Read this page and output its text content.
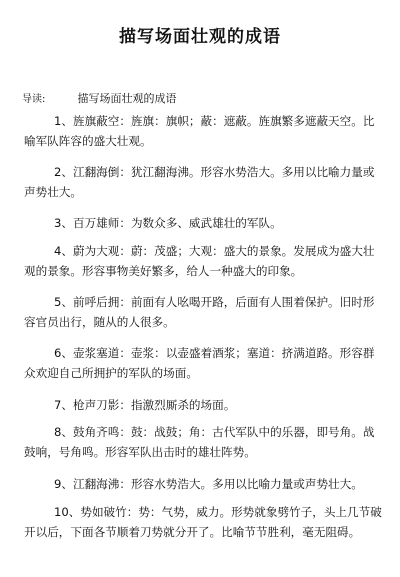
描写场面壮观的成语
导读:	描写场面壮观的成语
1、旌旗蔽空：旌旗：旗帜；蔽：遮蔽。旌旗繁多遮蔽天空。比喻军队阵容的盛大壮观。
2、江翻海倒：犹江翻海沸。形容水势浩大。多用以比喻力量或声势壮大。
3、百万雄师：为数众多、威武雄壮的军队。
4、蔚为大观：蔚：茂盛；大观：盛大的景象。发展成为盛大壮观的景象。形容事物美好繁多，给人一种盛大的印象。
5、前呼后拥：前面有人吆喝开路，后面有人围着保护。旧时形容官员出行，随从的人很多。
6、壶浆塞道：壶浆：以壶盛着酒浆；塞道：挤满道路。形容群众欢迎自己所拥护的军队的场面。
7、枪声刀影：指激烈厮杀的场面。
8、鼓角齐鸣：鼓：战鼓；角：古代军队中的乐器，即号角。战鼓响，号角鸣。形容军队出击时的雄壮阵势。
9、江翻海沸：形容水势浩大。多用以比喻力量或声势壮大。
10、势如破竹：势：气势，威力。形势就象劈竹子，头上几节破开以后，下面各节顺着刀势就分开了。比喻节节胜利，毫无阻碍。
